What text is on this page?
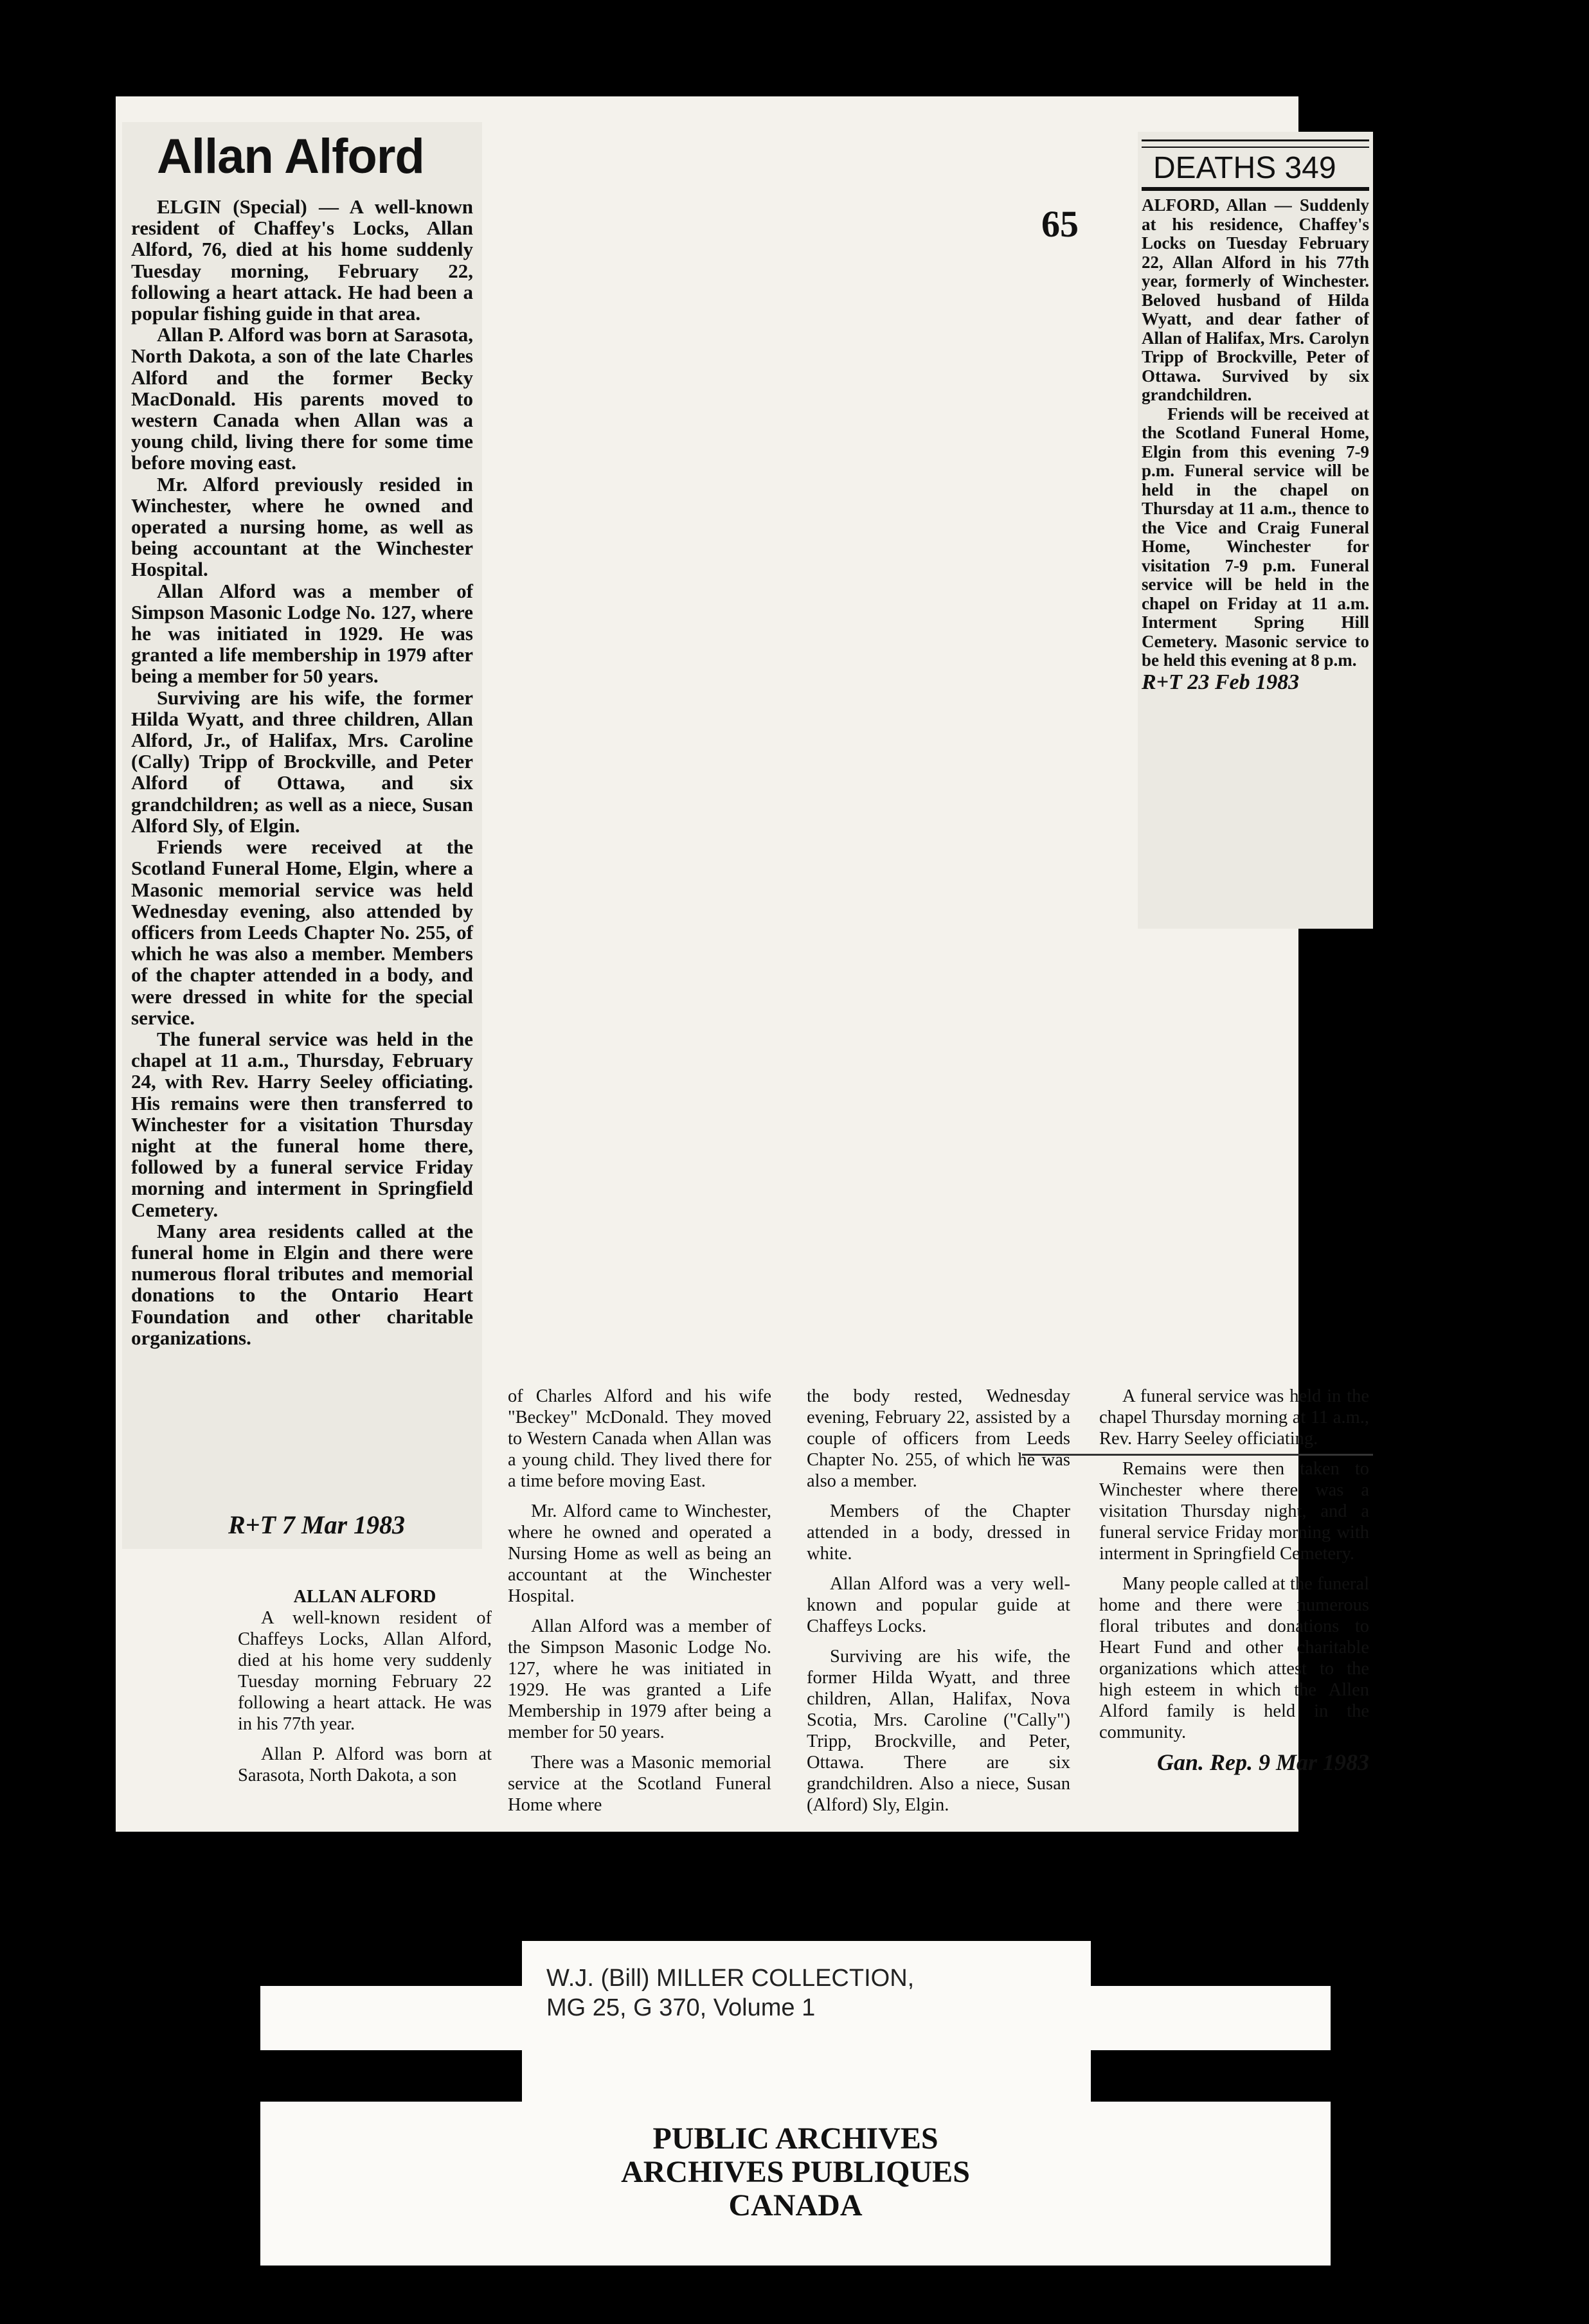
Allan Alford

ELGIN (Special) — A well-known resident of Chaffey's Locks, Allan Alford, 76, died at his home suddenly Tuesday morning, February 22, following a heart attack. He had been a popular fishing guide in that area.

Allan P. Alford was born at Sarasota, North Dakota, a son of the late Charles Alford and the former Becky MacDonald. His parents moved to western Canada when Allan was a young child, living there for some time before moving east.

Mr. Alford previously resided in Winchester, where he owned and operated a nursing home, as well as being accountant at the Winchester Hospital.

Allan Alford was a member of Simpson Masonic Lodge No. 127, where he was initiated in 1929. He was granted a life membership in 1979 after being a member for 50 years.

Surviving are his wife, the former Hilda Wyatt, and three children, Allan Alford, Jr., of Halifax, Mrs. Caroline (Cally) Tripp of Brockville, and Peter Alford of Ottawa, and six grandchildren; as well as a niece, Susan Alford Sly, of Elgin.

Friends were received at the Scotland Funeral Home, Elgin, where a Masonic memorial service was held Wednesday evening, also attended by officers from Leeds Chapter No. 255, of which he was also a member. Members of the chapter attended in a body, and were dressed in white for the special service.

The funeral service was held in the chapel at 11 a.m., Thursday, February 24, with Rev. Harry Seeley officiating. His remains were then transferred to Winchester for a visitation Thursday night at the funeral home there, followed by a funeral service Friday morning and interment in Springfield Cemetery.

Many area residents called at the funeral home in Elgin and there were numerous floral tributes and memorial donations to the Ontario Heart Foundation and other charitable organizations.

R+T 7 Mar 1983
65
DEATHS 349

ALFORD, Allan — Suddenly at his residence, Chaffey's Locks on Tuesday February 22, Allan Alford in his 77th year, formerly of Winchester. Beloved husband of Hilda Wyatt, and dear father of Allan of Halifax, Mrs. Carolyn Tripp of Brockville, Peter of Ottawa. Survived by six grandchildren.

Friends will be received at the Scotland Funeral Home, Elgin from this evening 7-9 p.m. Funeral service will be held in the chapel on Thursday at 11 a.m., thence to the Vice and Craig Funeral Home, Winchester for visitation 7-9 p.m. Funeral service will be held in the chapel on Friday at 11 a.m. Interment Spring Hill Cemetery. Masonic service to be held this evening at 8 p.m.

R+T 23 Feb 1983
ALLAN ALFORD

A well-known resident of Chaffeys Locks, Allan Alford, died at his home very suddenly Tuesday morning February 22 following a heart attack. He was in his 77th year.

Allan P. Alford was born at Sarasota, North Dakota, a son

of Charles Alford and his wife "Beckey" McDonald. They moved to Western Canada when Allan was a young child. They lived there for a time before moving East.

Mr. Alford came to Winchester, where he owned and operated a Nursing Home as well as being an accountant at the Winchester Hospital.

Allan Alford was a member of the Simpson Masonic Lodge No. 127, where he was initiated in 1929. He was granted a Life Membership in 1979 after being a member for 50 years.

There was a Masonic memorial service at the Scotland Funeral Home where

the body rested, Wednesday evening, February 22, assisted by a couple of officers from Leeds Chapter No. 255, of which he was also a member.

Members of the Chapter attended in a body, dressed in white.

Allan Alford was a very well-known and popular guide at Chaffeys Locks.

Surviving are his wife, the former Hilda Wyatt, and three children, Allan, Halifax, Nova Scotia, Mrs. Caroline ("Cally") Tripp, Brockville, and Peter, Ottawa. There are six grandchildren. Also a niece, Susan (Alford) Sly, Elgin.

A funeral service was held in the chapel Thursday morning at 11 a.m., Rev. Harry Seeley officiating.

Remains were then taken to Winchester where there was a visitation Thursday night, and a funeral service Friday morning with interment in Springfield Cemetery.

Many people called at the funeral home and there were numerous floral tributes and donations to Heart Fund and other charitable organizations which attest to the high esteem in which the Allen Alford family is held in the community.

Gan. Rep. 9 Mar 1983
W.J. (Bill) MILLER COLLECTION,
MG 25, G 370, Volume 1
PUBLIC ARCHIVES
ARCHIVES PUBLIQUES
CANADA
